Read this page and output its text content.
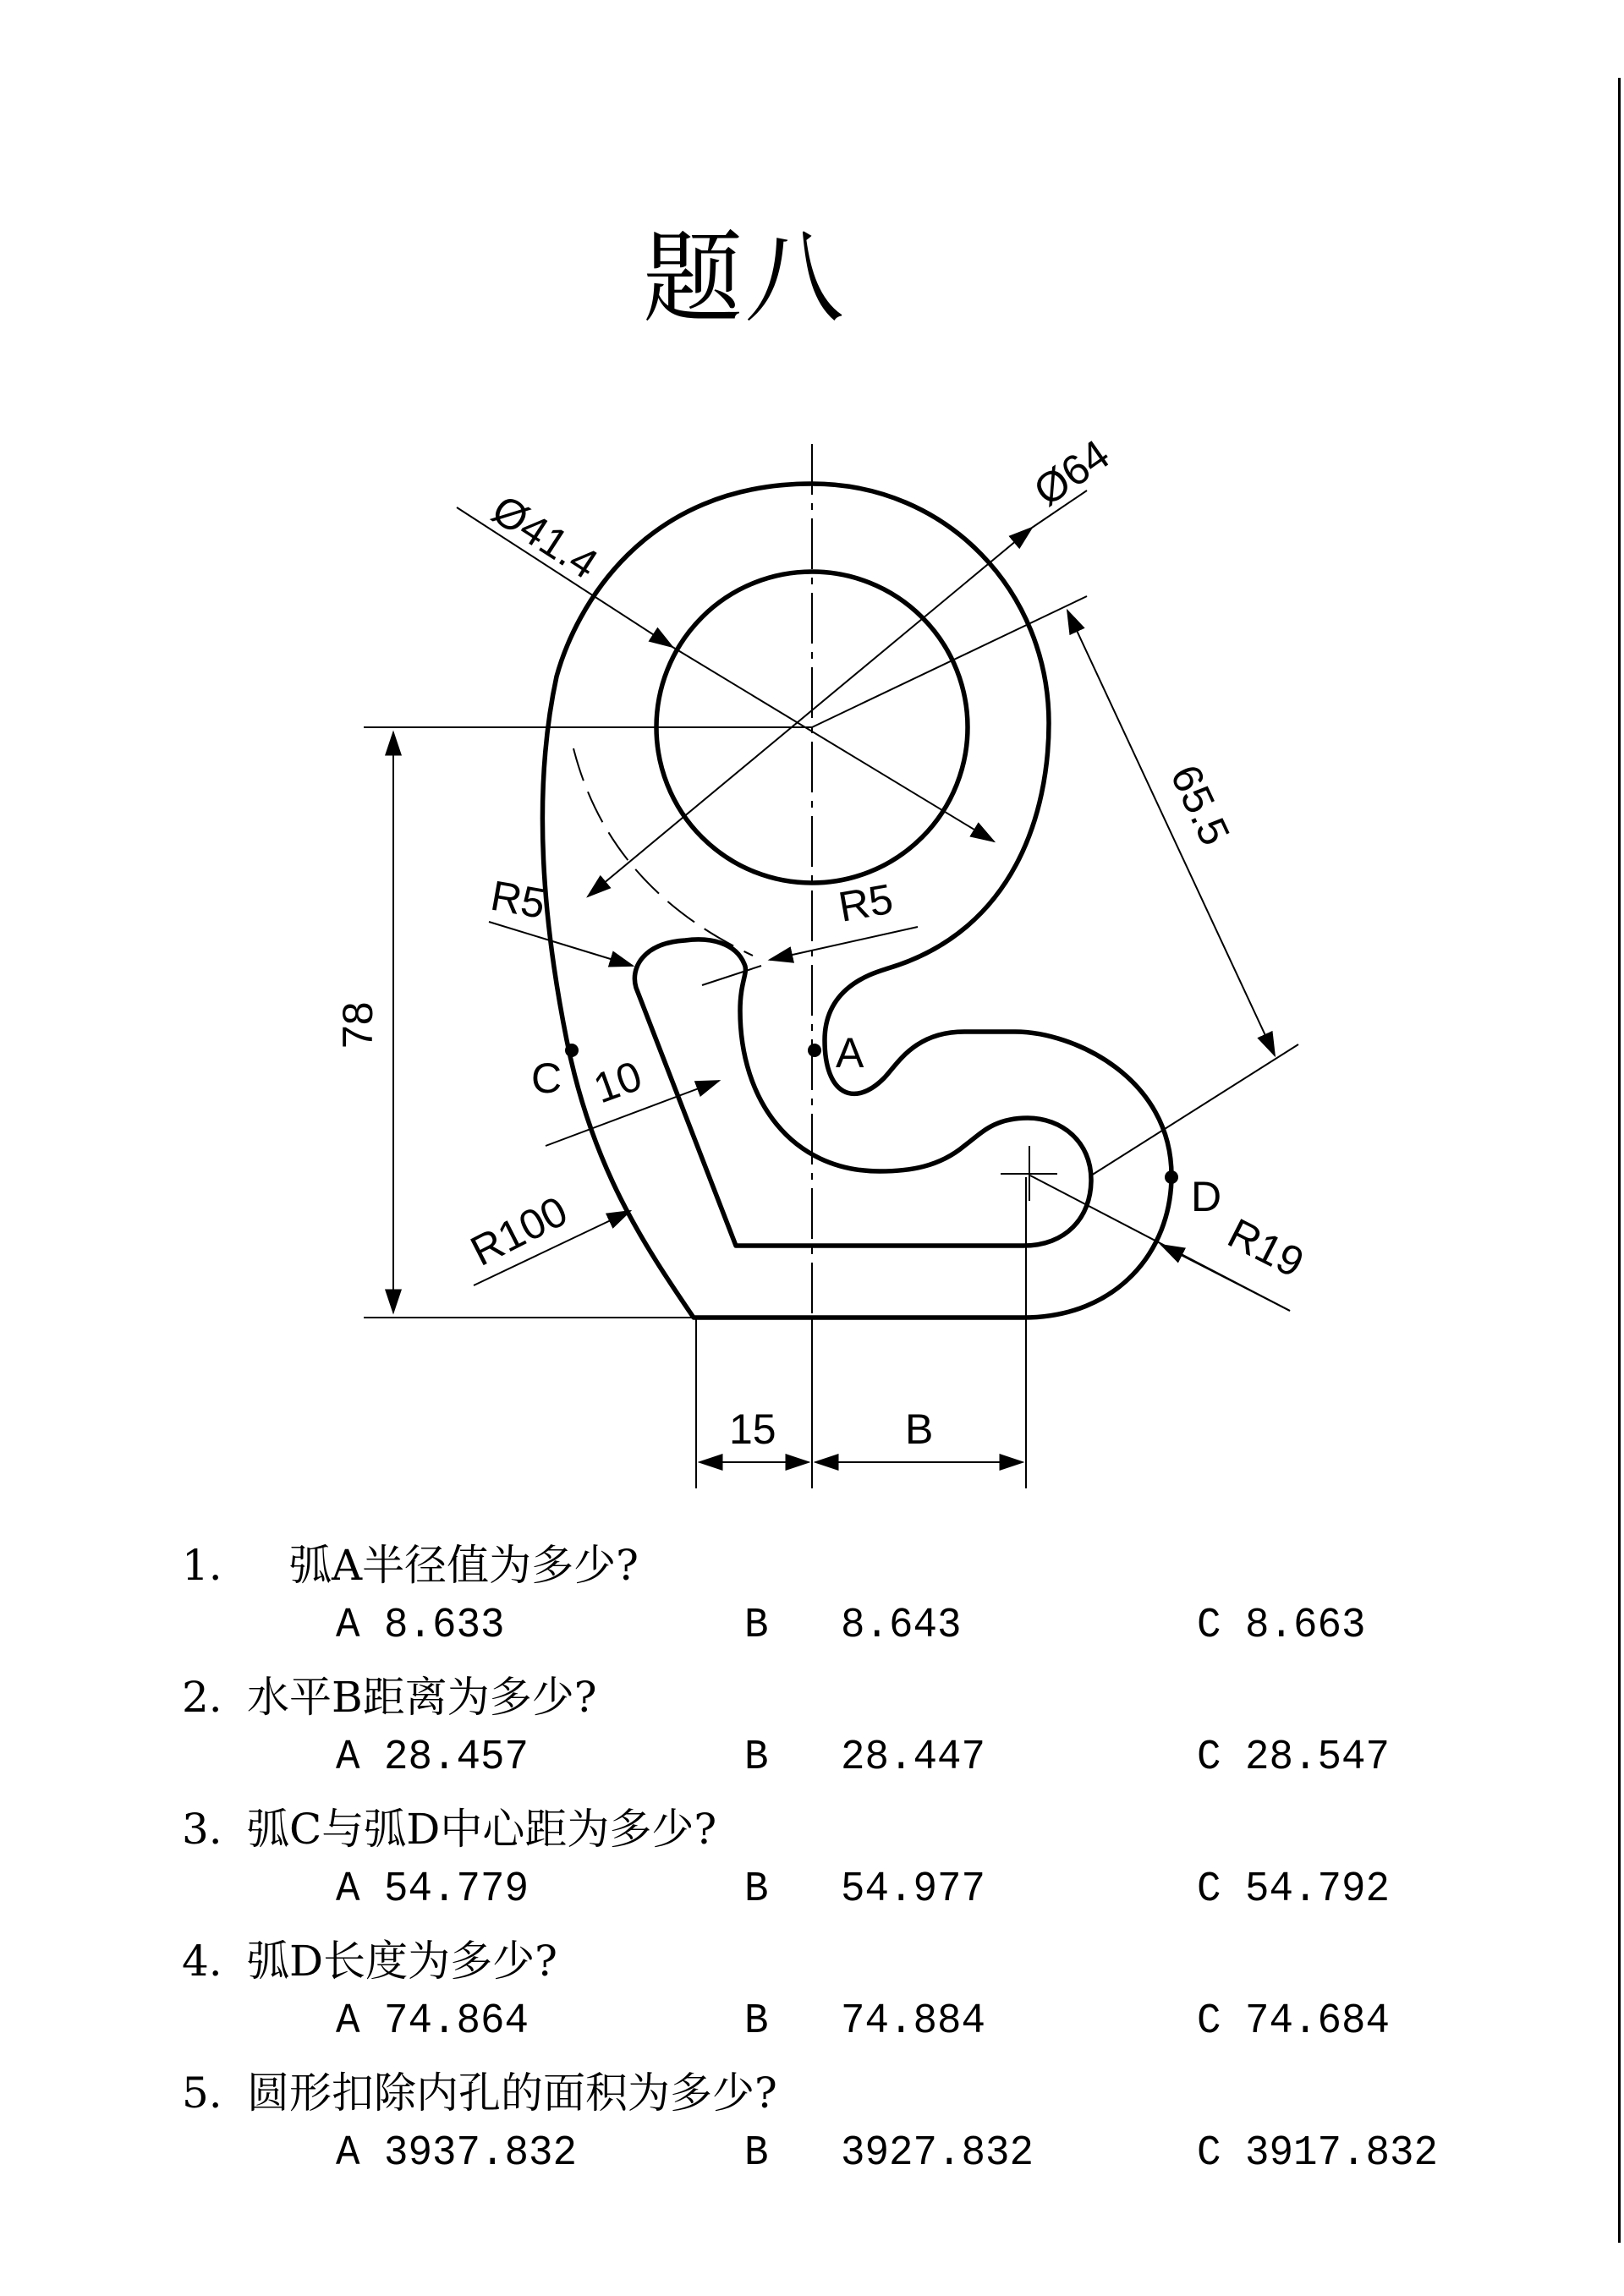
题八
Ø41.4
Ø64
65.5
78
R5	R5
10
R100	R19
15	B
A
C
D
1. 弧A半径值为多少?
A 8.633	B 8.643	C 8.663
2. 水平B距离为多少?
A 28.457	B 28.447	C 28.547
3. 弧C与弧D中心距为多少?
A 54.779	B 54.977	C 54.792
4. 弧D长度为多少?
A 74.864	B 74.884	C 74.684
5. 圆形扣除内孔的面积为多少?
A 3937.832	B 3927.832	C 3917.832
